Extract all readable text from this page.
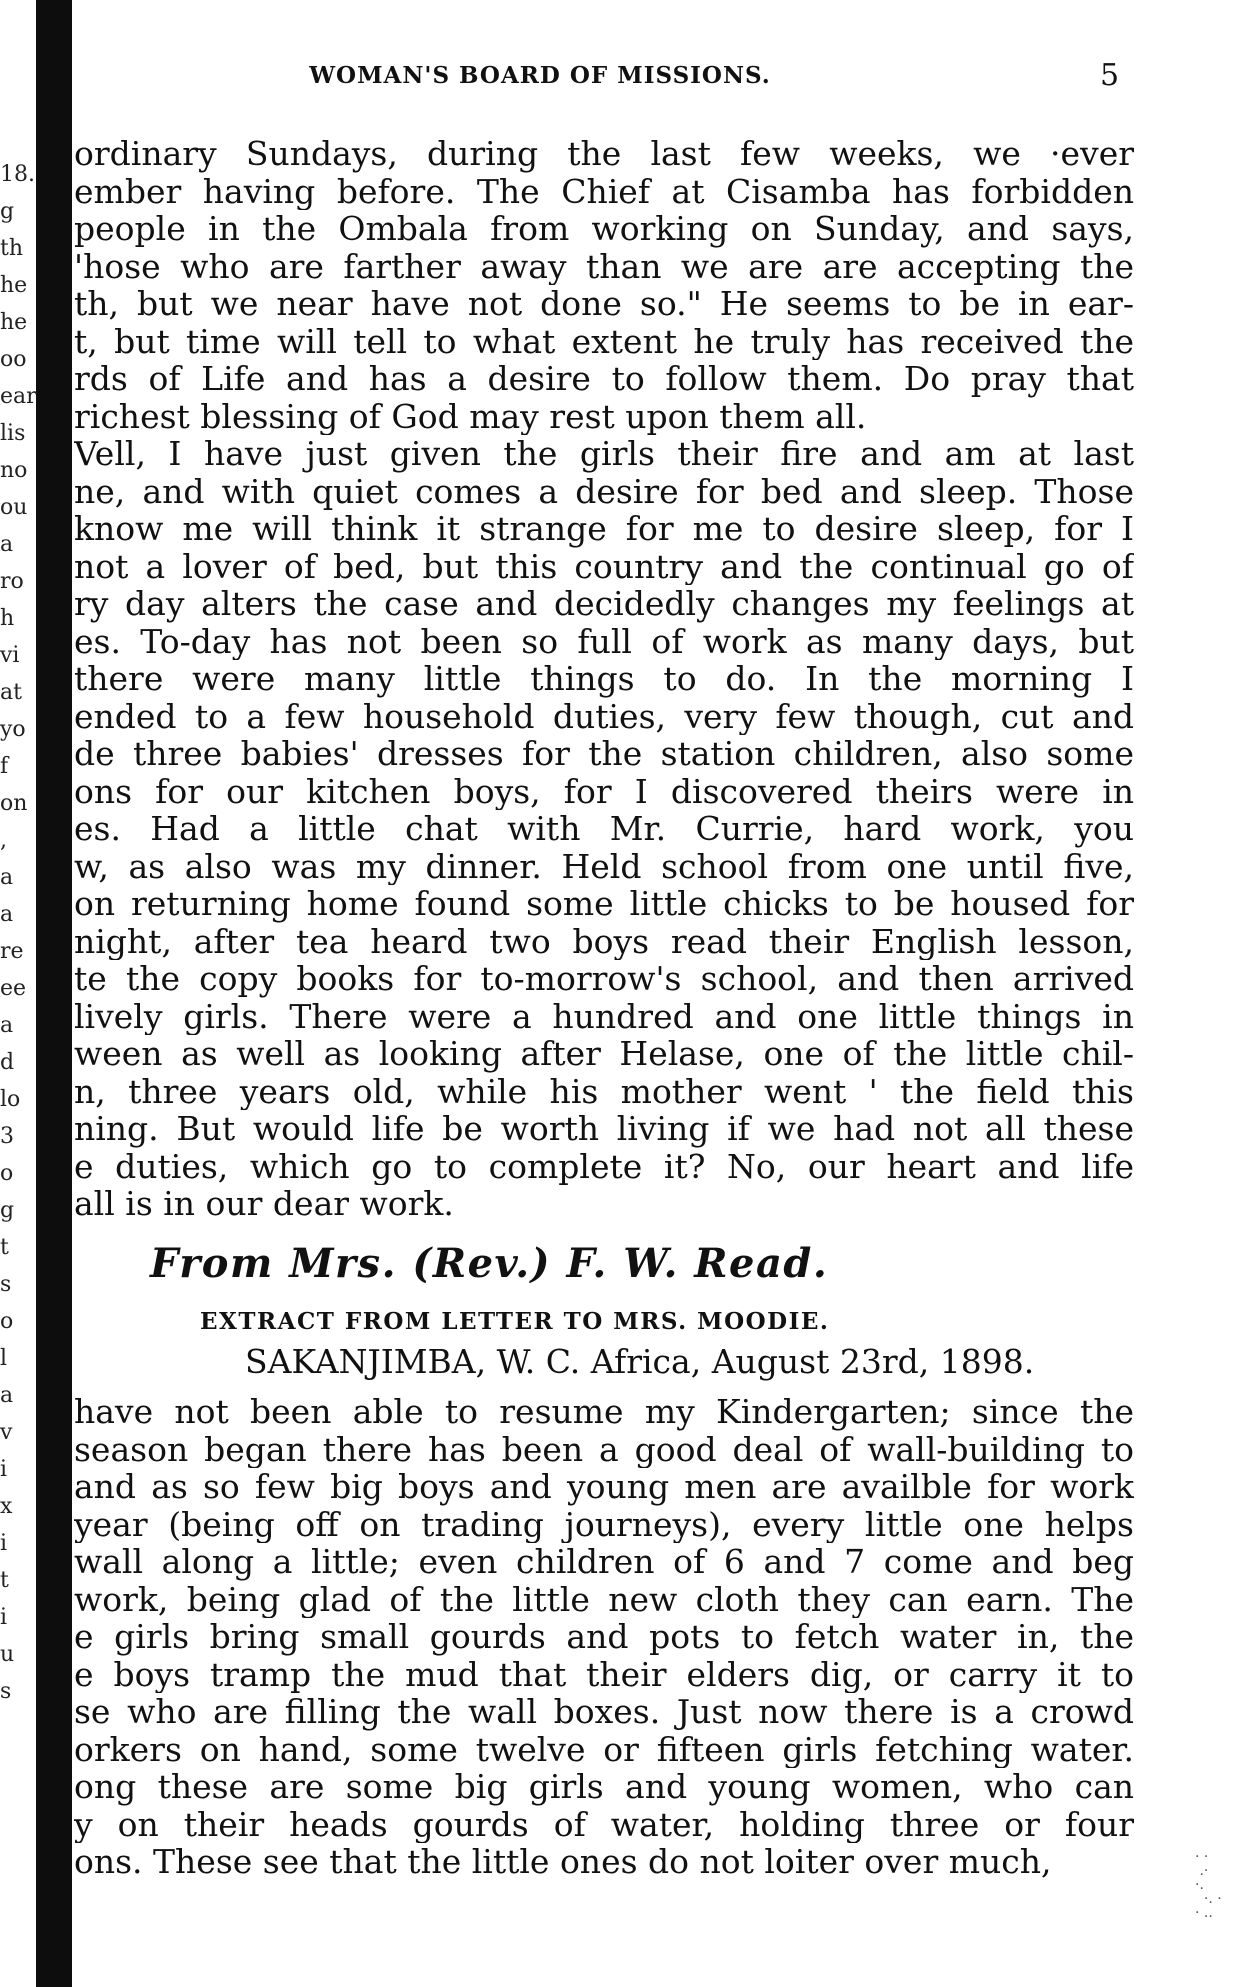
18.
g
th
he
he
oo
ear
lis
no
ou
a
ro
h
vi
at
yo
f
on
,
a
a
re
ee
a
d
lo
3
o
g
t
s
o
l
a
v
i
x
i
t
i
u
s
WOMAN'S BOARD OF MISSIONS.	5
ordinary Sundays, during the last few weeks, we ·ever
ember having before. The Chief at Cisamba has forbidden
people in the Ombala from working on Sunday, and says,
'hose who are farther away than we are are accepting the
th, but we near have not done so." He seems to be in ear-
t, but time will tell to what extent he truly has received the
rds of Life and has a desire to follow them. Do pray that
richest blessing of God may rest upon them all.
Vell, I have just given the girls their fire and am at last
ne, and with quiet comes a desire for bed and sleep. Those
know me will think it strange for me to desire sleep, for I
not a lover of bed, but this country and the continual go of
ry day alters the case and decidedly changes my feelings at
es. To-day has not been so full of work as many days, but
there were many little things to do. In the morning I
ended to a few household duties, very few though, cut and
de three babies' dresses for the station children, also some
ons for our kitchen boys, for I discovered theirs were in
es. Had a little chat with Mr. Currie, hard work, you
w, as also was my dinner. Held school from one until five,
on returning home found some little chicks to be housed for
night, after tea heard two boys read their English lesson,
te the copy books for to-morrow's school, and then arrived
lively girls. There were a hundred and one little things in
ween as well as looking after Helase, one of the little chil-
n, three years old, while his mother went ' the field this
ning. But would life be worth living if we had not all these
e duties, which go to complete it? No, our heart and life
all is in our dear work.
From Mrs. (Rev.) F. W. Read.
EXTRACT FROM LETTER TO MRS. MOODIE.
SAKANJIMBA, W. C. Africa, August 23rd, 1898.
have not been able to resume my Kindergarten; since the
season began there has been a good deal of wall-building to
and as so few big boys and young men are availble for work
year (being off on trading journeys), every little one helps
wall along a little; even children of 6 and 7 come and beg
work, being glad of the little new cloth they can earn. The
e girls bring small gourds and pots to fetch water in, the
e boys tramp the mud that their elders dig, or carry it to
se who are filling the wall boxes. Just now there is a crowd
orkers on hand, some twelve or fifteen girls fetching water.
ong these are some big girls and young women, who can
y on their heads gourds of water, holding three or four
ons. These see that the little ones do not loiter over much,	· ·
.·
·.
·. ·
· ..
